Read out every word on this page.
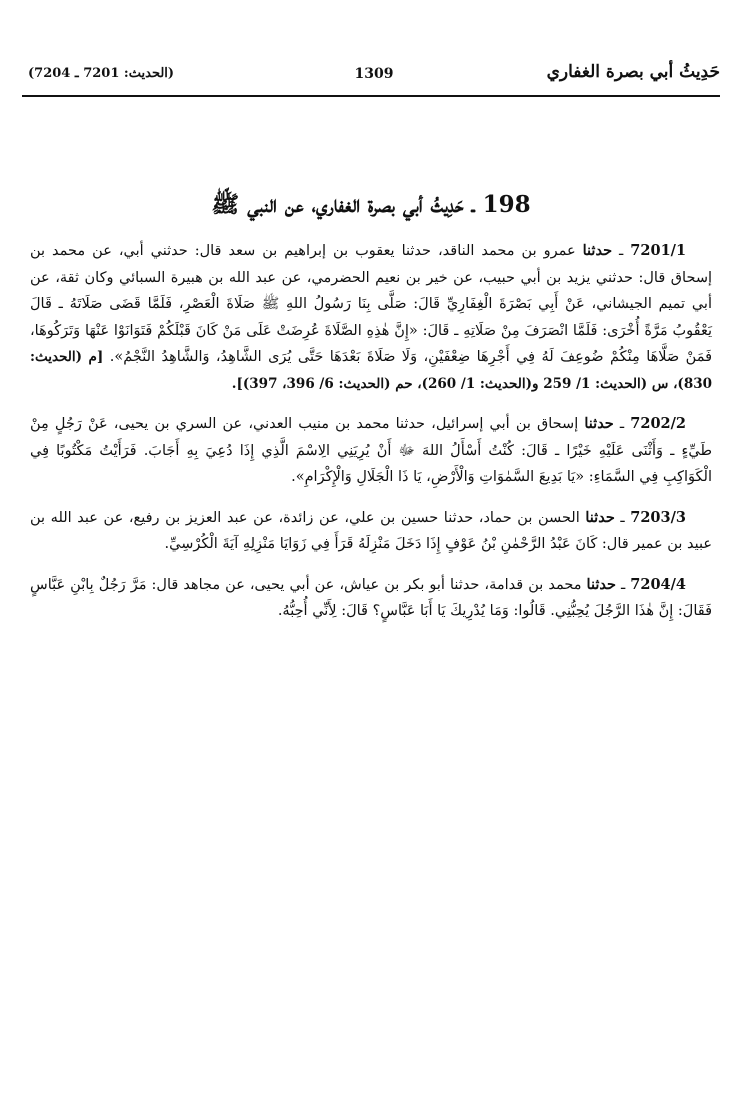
(الحديث: 7201 ـ 7204)	1309	حَدِيثُ أبي بصرة الغفاري
198 ـ حَدِيثُ أبي بصرة الغفاري، عن النبي ﷺ

7201/1 ـ حدثنا عمرو بن محمد الناقد، حدثنا يعقوب بن إبراهيم بن سعد قال: حدثني أبي، عن محمد بن إسحاق قال: حدثني يزيد بن أبي حبيب، عن خير بن نعيم الحضرمي، عن عبد الله بن هبيرة السبائي وكان ثقة، عن أبي تميم الجيشاني، عَنْ أَبِي بَصْرَةَ الْغِفَارِيِّ قَالَ: صَلَّى بِنَا رَسُولُ اللهِ ﷺ صَلَاةَ الْعَصْرِ، فَلَمَّا قَضَى صَلَاتَهُ ـ قَالَ يَعْقُوبُ مَرَّةً أُخْرَى: فَلَمَّا انْصَرَفَ مِنْ صَلَاتِهِ ـ قَالَ: «إِنَّ هٰذِهِ الصَّلَاةَ عُرِضَتْ عَلَى مَنْ كَانَ قَبْلَكُمْ فَتَوَانَوْا عَنْهَا وَتَرَكُوهَا، فَمَنْ صَلَّاهَا مِنْكُمْ ضُوعِفَ لَهُ فِي أَجْرِهَا ضِعْفَيْنِ، وَلَا صَلَاةَ بَعْدَهَا حَتَّى يُرَى الشَّاهِدُ، وَالشَّاهِدُ النَّجْمُ». [م (الحديث: 830)، س (الحديث: 1/ 259 و(الحديث: 1/ 260)، حم (الحديث: 6/ 396، 397)].

7202/2 ـ حدثنا إسحاق بن أبي إسرائيل، حدثنا محمد بن منيب العدني، عن السري بن يحيى، عَنْ رَجُلٍ مِنْ طَيِّءٍ ـ وَأَثْنَى عَلَيْهِ خَيْرًا ـ قَالَ: كُنْتُ أَسْأَلُ اللهَ ﷻ أَنْ يُرِيَنِي الِاسْمَ الَّذِي إِذَا دُعِيَ بِهِ أَجَابَ. فَرَأَيْتُ مَكْتُوبًا فِي الْكَوَاكِبِ فِي السَّمَاءِ: «يَا بَدِيعَ السَّمٰوَاتِ وَالْأَرْضِ، يَا ذَا الْجَلَالِ وَالْإِكْرَامِ».

7203/3 ـ حدثنا الحسن بن حماد، حدثنا حسين بن علي، عن زائدة، عن عبد العزيز بن رفيع، عن عبد الله بن عبيد بن عمير قال: كَانَ عَبْدُ الرَّحْمٰنِ بْنُ عَوْفٍ إِذَا دَخَلَ مَنْزِلَهُ قَرَأَ فِي زَوَايَا مَنْزِلِهِ آيَةَ الْكُرْسِيِّ.

7204/4 ـ حدثنا محمد بن قدامة، حدثنا أبو بكر بن عياش، عن أبي يحيى، عن مجاهد قال: مَرَّ رَجُلٌ بِابْنِ عَبَّاسٍ فَقَالَ: إِنَّ هٰذَا الرَّجُلَ يُحِبُّنِي. قَالُوا: وَمَا يُدْرِيكَ يَا أَبَا عَبَّاسٍ؟ قَالَ: لِأَنِّي أُحِبُّهُ.
